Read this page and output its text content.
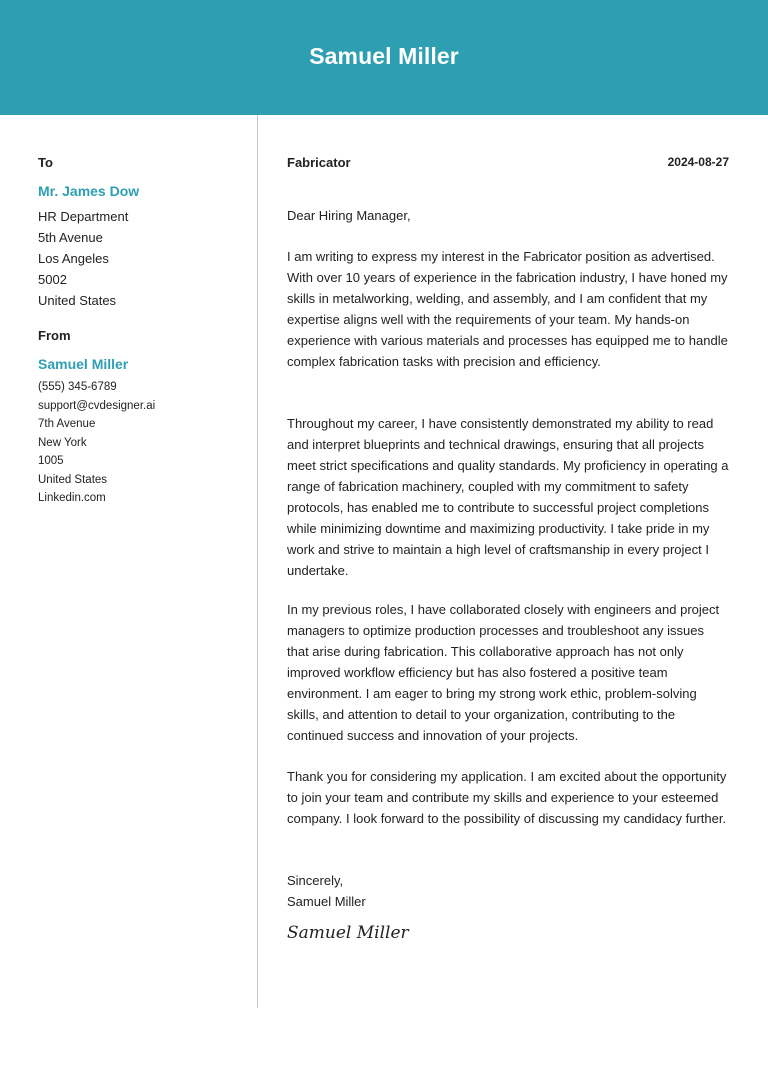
Samuel Miller
To
Mr. James Dow
HR Department
5th Avenue
Los Angeles
5002
United States
From
Samuel Miller
(555) 345-6789
support@cvdesigner.ai
7th Avenue
New York
1005
United States
Linkedin.com
Fabricator	2024-08-27
Dear Hiring Manager,

I am writing to express my interest in the Fabricator position as advertised. With over 10 years of experience in the fabrication industry, I have honed my skills in metalworking, welding, and assembly, and I am confident that my expertise aligns well with the requirements of your team. My hands-on experience with various materials and processes has equipped me to handle complex fabrication tasks with precision and efficiency.

Throughout my career, I have consistently demonstrated my ability to read and interpret blueprints and technical drawings, ensuring that all projects meet strict specifications and quality standards. My proficiency in operating a range of fabrication machinery, coupled with my commitment to safety protocols, has enabled me to contribute to successful project completions while minimizing downtime and maximizing productivity. I take pride in my work and strive to maintain a high level of craftsmanship in every project I undertake.

In my previous roles, I have collaborated closely with engineers and project managers to optimize production processes and troubleshoot any issues that arise during fabrication. This collaborative approach has not only improved workflow efficiency but has also fostered a positive team environment. I am eager to bring my strong work ethic, problem-solving skills, and attention to detail to your organization, contributing to the continued success and innovation of your projects.

Thank you for considering my application. I am excited about the opportunity to join your team and contribute my skills and experience to your esteemed company. I look forward to the possibility of discussing my candidacy further.

Sincerely,
Samuel Miller
Samuel Miller
